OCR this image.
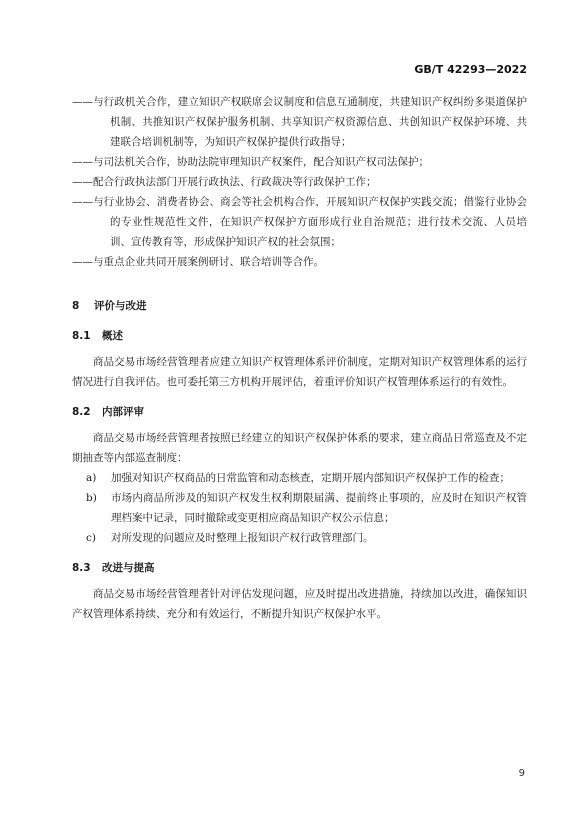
GB/T 42293—2022

——与行政机关合作，建立知识产权联席会议制度和信息互通制度，共建知识产权纠纷多渠道保护机制、共推知识产权保护服务机制、共享知识产权资源信息、共创知识产权保护环境、共建联合培训机制等，为知识产权保护提供行政指导；

——与司法机关合作，协助法院审理知识产权案件，配合知识产权司法保护；

——配合行政执法部门开展行政执法、行政裁决等行政保护工作；

——与行业协会、消费者协会、商会等社会机构合作，开展知识产权保护实践交流；借鉴行业协会的专业性规范性文件，在知识产权保护方面形成行业自治规范；进行技术交流、人员培训、宣传教育等，形成保护知识产权的社会氛围；

——与重点企业共同开展案例研讨、联合培训等合作。

8 评价与改进
8.1 概述

商品交易市场经营管理者应建立知识产权管理体系评价制度，定期对知识产权管理体系的运行情况进行自我评估。也可委托第三方机构开展评估，着重评价知识产权管理体系运行的有效性。

8.2 内部评审

商品交易市场经营管理者按照已经建立的知识产权保护体系的要求，建立商品日常巡查及不定期抽查等内部巡查制度：

a)	加强对知识产权商品的日常监管和动态核查，定期开展内部知识产权保护工作的检查；
b)	市场内商品所涉及的知识产权发生权利期限届满、提前终止事项的，应及时在知识产权管理档案中记录，同时撤除或变更相应商品知识产权公示信息；
c)	对所发现的问题应及时整理上报知识产权行政管理部门。
8.3 改进与提高

商品交易市场经营管理者针对评估发现问题，应及时提出改进措施，持续加以改进，确保知识产权管理体系持续、充分和有效运行，不断提升知识产权保护水平。

9
